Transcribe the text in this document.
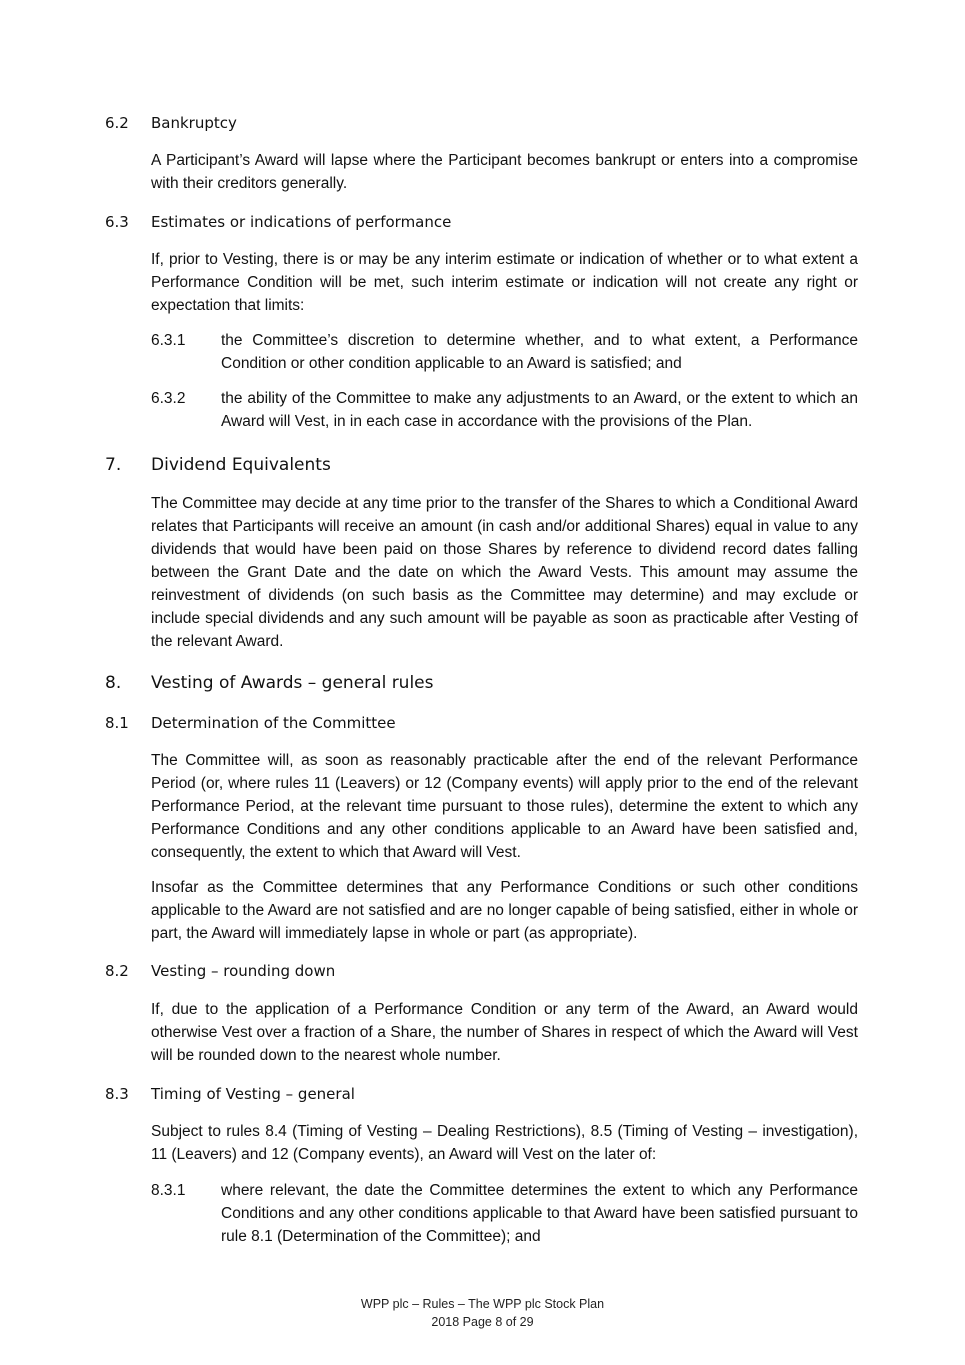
6.2	Bankruptcy
A Participant’s Award will lapse where the Participant becomes bankrupt or enters into a compromise with their creditors generally.
6.3	Estimates or indications of performance
If, prior to Vesting, there is or may be any interim estimate or indication of whether or to what extent a Performance Condition will be met, such interim estimate or indication will not create any right or expectation that limits:
6.3.1	the Committee’s discretion to determine whether, and to what extent, a Performance Condition or other condition applicable to an Award is satisfied; and
6.3.2	the ability of the Committee to make any adjustments to an Award, or the extent to which an Award will Vest, in in each case in accordance with the provisions of the Plan.
7.	Dividend Equivalents
The Committee may decide at any time prior to the transfer of the Shares to which a Conditional Award relates that Participants will receive an amount (in cash and/or additional Shares) equal in value to any dividends that would have been paid on those Shares by reference to dividend record dates falling between the Grant Date and the date on which the Award Vests. This amount may assume the reinvestment of dividends (on such basis as the Committee may determine) and may exclude or include special dividends and any such amount will be payable as soon as practicable after Vesting of the relevant Award.
8.	Vesting of Awards – general rules
8.1	Determination of the Committee
The Committee will, as soon as reasonably practicable after the end of the relevant Performance Period (or, where rules 11 (Leavers) or 12 (Company events) will apply prior to the end of the relevant Performance Period, at the relevant time pursuant to those rules), determine the extent to which any Performance Conditions and any other conditions applicable to an Award have been satisfied and, consequently, the extent to which that Award will Vest.
Insofar as the Committee determines that any Performance Conditions or such other conditions applicable to the Award are not satisfied and are no longer capable of being satisfied, either in whole or part, the Award will immediately lapse in whole or part (as appropriate).
8.2	Vesting – rounding down
If, due to the application of a Performance Condition or any term of the Award, an Award would otherwise Vest over a fraction of a Share, the number of Shares in respect of which the Award will Vest will be rounded down to the nearest whole number.
8.3	Timing of Vesting – general
Subject to rules 8.4 (Timing of Vesting – Dealing Restrictions), 8.5 (Timing of Vesting – investigation), 11 (Leavers) and 12 (Company events), an Award will Vest on the later of:
8.3.1	where relevant, the date the Committee determines the extent to which any Performance Conditions and any other conditions applicable to that Award have been satisfied pursuant to rule 8.1 (Determination of the Committee); and
WPP plc – Rules – The WPP plc Stock Plan
2018 Page 8 of 29
